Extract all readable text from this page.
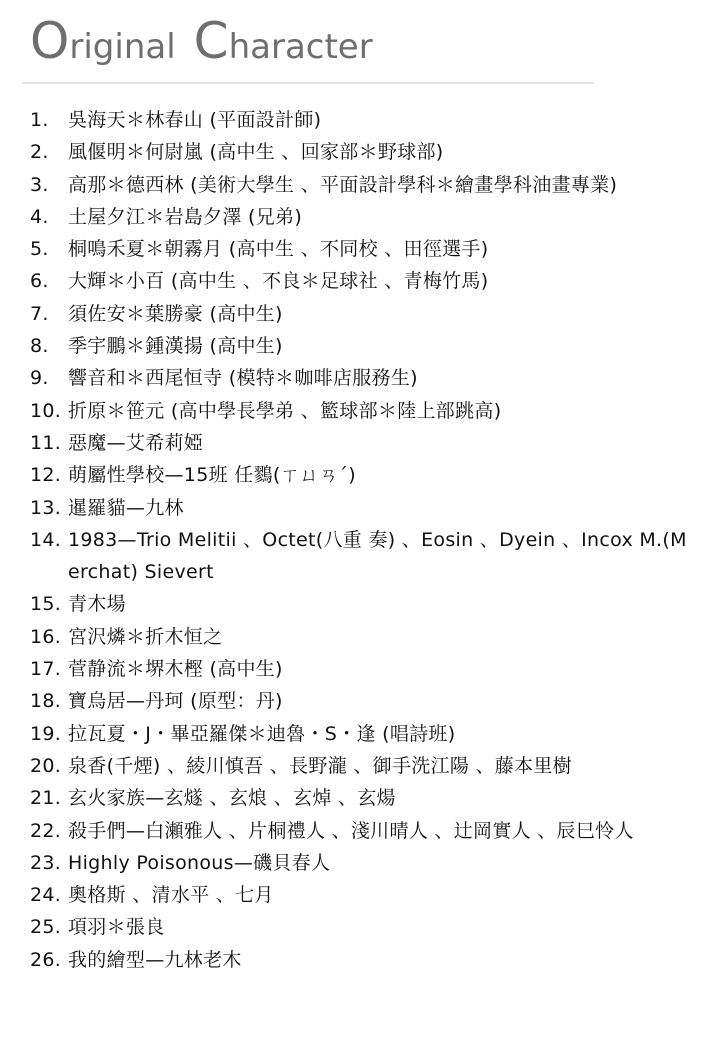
O riginal C haracter
1.	吳海天＊林春山 (平面設計師)
2.	風偃明＊何尉嵐 (高中生 、回家部＊野球部)
3.	高那＊德西林 (美術大學生 、平面設計學科＊繪畫學科油畫專業)
4.	土屋夕江＊岩島夕澤 (兄弟)
5.	桐鳴禾夏＊朝霧月 (高中生 、不同校 、田徑選手)
6.	大輝＊小百 (高中生 、不良＊足球社 、青梅竹馬)
7.	須佐安＊葉勝豪 (高中生)
8.	季宇鵬＊鍾漢揚 (高中生)
9.	響音和＊西尾恒寺 (模特＊咖啡店服務生)
10. 折原＊笹元 (高中學長學弟 、籃球部＊陸上部跳高)
11. 惡魔—艾希莉婭
12. 萌屬性學校—15班 任鷚(ㄒㄩㄢˊ)
13. 暹羅貓—九林
14. 1983—Trio Melitii 、Octet(八重 奏) 、Eosin 、Dyein 、Incox M.(Merchat) Sievert
15. 青木場
16. 宮沢燐＊折木恒之
17. 菅静流＊堺木樫 (高中生)
18. 寶烏居—丹珂 (原型：丹)
19. 拉瓦夏・J・畢亞羅傑＊迪魯・S・逢 (唱詩班)
20. 泉香(千煙) 、綾川慎吾 、長野瀧 、御手洗江陽 、藤本里樹
21. 玄火家族—玄燧 、玄烺 、玄焯 、玄煬
22. 殺手們—白瀬雅人 、片桐禮人 、淺川晴人 、辻岡實人 、辰巳怜人
23. Highly Poisonous—磯貝春人
24. 奧格斯 、清水平 、七月
25. 項羽＊張良
26. 我的繪型—九林老木
